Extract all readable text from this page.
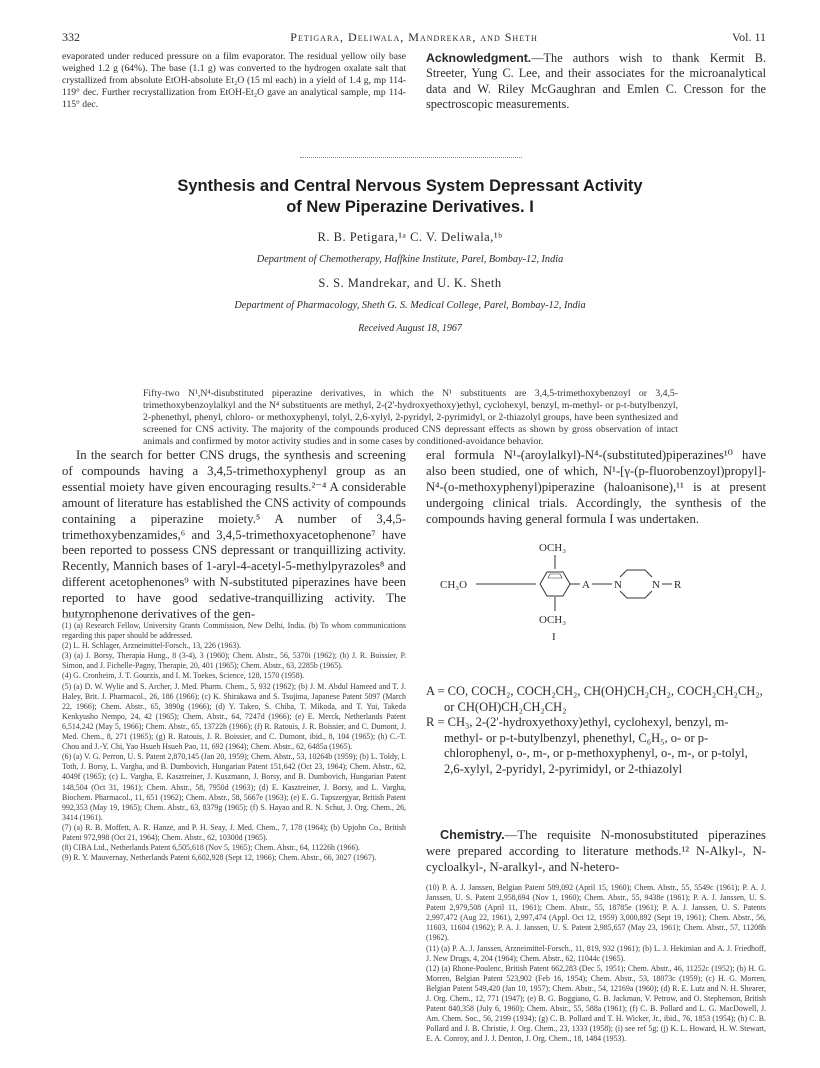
332	Petigara, Deliwala, Mandrekar, and Sheth	Vol. 11

evaporated under reduced pressure on a film evaporator. The residual yellow oily base weighed 1.2 g (64%). The base (1.1 g) was converted to the hydrogen oxalate salt that crystallized from absolute EtOH-absolute Et₂O (15 ml each) in a yield of 1.4 g, mp 114-119° dec. Further recrystallization from EtOH-Et₂O gave an analytical sample, mp 114-115° dec.

Acknowledgment.—The authors wish to thank Kermit B. Streeter, Yung C. Lee, and their associates for the microanalytical data and W. Riley McGaughran and Emlen C. Cresson for the spectroscopic measurements.

Synthesis and Central Nervous System Depressant Activity
of New Piperazine Derivatives. I
R. B. Petigara,¹ᵃ C. V. Deliwala,¹ᵇ
Department of Chemotherapy, Haffkine Institute, Parel, Bombay-12, India
S. S. Mandrekar, and U. K. Sheth
Department of Pharmacology, Sheth G. S. Medical College, Parel, Bombay-12, India
Received August 18, 1967

Fifty-two N¹,N⁴-disubstituted piperazine derivatives, in which the N¹ substituents are 3,4,5-trimethoxybenzoyl or 3,4,5-trimethoxybenzoylalkyl and the N⁴ substituents are methyl, 2-(2'-hydroxyethoxy)ethyl, cyclohexyl, benzyl, m-methyl- or p-t-butylbenzyl, 2-phenethyl, phenyl, chloro- or methoxyphenyl, tolyl, 2,6-xylyl, 2-pyridyl, 2-pyrimidyl, or 2-thiazolyl groups, have been synthesized and screened for CNS activity. The majority of the compounds produced CNS depressant effects as shown by gross observation of intact animals and confirmed by motor activity studies and in some cases by conditioned-avoidance behavior.

In the search for better CNS drugs, the synthesis and screening of compounds having a 3,4,5-trimethoxyphenyl group as an essential moiety have given encouraging results.²⁻⁴ A considerable amount of literature has established the CNS activity of compounds containing a piperazine moiety.⁵ A number of 3,4,5-trimethoxybenzamides,⁶ and 3,4,5-trimethoxyacetophenone⁷ have been reported to possess CNS depressant or tranquillizing activity. Recently, Mannich bases of 1-aryl-4-acetyl-5-methylpyrazoles⁸ and different acetophenones⁹ with N-substituted piperazines have been reported to have good sedative-tranquillizing activity. The butyrophenone derivatives of the gen-

(1) (a) Research Fellow, University Grants Commission, New Delhi, India. (b) To whom communications regarding this paper should be addressed.
(2) L. H. Schlager, Arzneimittel-Forsch., 13, 226 (1963).
(3) (a) J. Borsy, Therapia Hung., 8 (3-4), 3 (1960); Chem. Abstr., 56, 5370i (1962); (b) J. R. Boissier, P. Simon, and J. Fichelle-Pagny, Therapie, 20, 401 (1965); Chem. Abstr., 63, 2285b (1965).
(4) G. Cronheim, J. T. Gourzis, and I. M. Toekes, Science, 128, 1570 (1958).
(5) (a) D. W. Wylie and S. Archer, J. Med. Pharm. Chem., 5, 932 (1962); (b) J. M. Abdul Hameed and T. J. Haley, Brit. J. Pharmacol., 26, 186 (1966); (c) K. Shirakawa and S. Tsujima, Japanese Patent 5097 (March 22, 1966); Chem. Abstr., 65, 3890g (1966); (d) Y. Takeo, S. Chiba, T. Mikoda, and T. Yui, Takeda Kenkyusho Nempo, 24, 42 (1965); Chem. Abstr., 64, 7247d (1966); (e) E. Merck, Netherlands Patent 6,514,242 (May 5, 1966); Chem. Abstr., 65, 13722h (1966); (f) R. Ratouis, J. R. Boissier, and C. Dumont, J. Med. Chem., 8, 271 (1965); (g) R. Ratouis, J. R. Boissier, and C. Dumont, ibid., 8, 104 (1965); (h) C.-T. Chou and J.-Y. Chi, Yao Hsueh Hsueh Pao, 11, 692 (1964); Chem. Abstr., 62, 6485a (1965).
(6) (a) V. G. Perron, U. S. Patent 2,870,145 (Jan 20, 1959); Chem. Abstr., 53, 10264b (1959); (b) L. Toldy, I. Toth, J. Borsy, L. Vargha, and B. Dumbovich, Hungarian Patent 151,642 (Oct 23, 1964); Chem. Abstr., 62, 4049f (1965); (c) L. Vargha, E. Kasztreiner, J. Kuszmann, J. Borsy, and B. Dumbovich, Hungarian Patent 148,504 (Oct 31, 1961); Chem. Abstr., 58, 7950d (1963); (d) E. Kasztreiner, J. Borsy, and L. Vargha, Biochem. Pharmacol., 11, 651 (1962); Chem. Abstr., 58, 5667e (1963); (e) E. G. Tapszergyar, British Patent 992,353 (May 19, 1965); Chem. Abstr., 63, 8379g (1965); (f) S. Hayao and R. N. Schut, J. Org. Chem., 26, 3414 (1961).
(7) (a) R. B. Moffett, A. R. Hanze, and P. H. Seay, J. Med. Chem., 7, 178 (1964); (b) Upjohn Co., British Patent 972,998 (Oct 21, 1964); Chem. Abstr., 62, 10300d (1965).
(8) CIBA Ltd., Netherlands Patent 6,505,618 (Nov 5, 1965); Chem. Abstr., 64, 11226h (1966).
(9) R. Y. Mauvernay, Netherlands Patent 6,602,928 (Sept 12, 1966); Chem. Abstr., 66, 3027 (1967).

eral formula N¹-(aroylalkyl)-N⁴-(substituted)piperazines¹⁰ have also been studied, one of which, N¹-[γ-(p-fluorobenzoyl)propyl]-N⁴-(o-methoxyphenyl)piperazine (haloanisone),¹¹ is at present undergoing clinical trials. Accordingly, the synthesis of the compounds having general formula I was undertaken.

OCH₃
CH₃O	A N	N R
OCH₃
I

A = CO, COCH₂, COCH₂CH₂, CH(OH)CH₂CH₂, COCH₂CH₂CH₂, or CH(OH)CH₂CH₂CH₂

R = CH₃, 2-(2'-hydroxyethoxy)ethyl, cyclohexyl, benzyl, m-methyl- or p-t-butylbenzyl, phenethyl, C₆H₅, o- or p-chlorophenyl, o-, m-, or p-methoxyphenyl, o-, m-, or p-tolyl, 2,6-xylyl, 2-pyridyl, 2-pyrimidyl, or 2-thiazolyl

Chemistry.—The requisite N-monosubstituted piperazines were prepared according to literature methods.¹² N-Alkyl-, N-cycloalkyl-, N-aralkyl-, and N-hetero-

(10) P. A. J. Janssen, Belgian Patent 589,092 (April 15, 1960); Chem. Abstr., 55, 5549c (1961); P. A. J. Janssen, U. S. Patent 2,958,694 (Nov 1, 1960); Chem. Abstr., 55, 9438e (1961); P. A. J. Janssen, U. S. Patent 2,979,508 (April 11, 1961); Chem. Abstr., 55, 18785e (1961); P. A. J. Janssen, U. S. Patents 2,997,472 (Aug 22, 1961), 2,997,474 (Appl. Oct 12, 1959) 3,000,892 (Sept 19, 1961); Chem. Abstr., 56, 11603, 11604 (1962); P. A. J. Janssen, U. S. Patent 2,985,657 (May 23, 1961); Chem. Abstr., 57, 11208h (1962).
(11) (a) P. A. J. Janssen, Arzneimittel-Forsch., 11, 819, 932 (1961); (b) L. J. Hekimian and A. J. Friedhoff, J. New Drugs, 4, 204 (1964); Chem. Abstr., 62, 11044c (1965).
(12) (a) Rhone-Poulenc, British Patent 662,283 (Dec 5, 1951); Chem. Abstr., 46, 11252c (1952); (b) H. G. Morren, Belgian Patent 523,902 (Feb 16, 1954); Chem. Abstr., 53, 18073c (1959); (c) H. G. Morren, Belgian Patent 549,420 (Jan 10, 1957); Chem. Abstr., 54, 12169a (1960); (d) R. E. Lutz and N. H. Shearer, J. Org. Chem., 12, 771 (1947); (e) B. G. Boggiano, G. B. Jackman, V. Petrow, and O. Stephenson, British Patent 840,358 (July 6, 1960); Chem. Abstr., 55, 588a (1961); (f) C. B. Pollard and L. G. MacDowell, J. Am. Chem. Soc., 56, 2199 (1934); (g) C. B. Pollard and T. H. Wicker, Jr., ibid., 76, 1853 (1954); (h) C. B. Pollard and J. B. Christie, J. Org. Chem., 23, 1333 (1958); (i) see ref 5g; (j) K. L. Howard, H. W. Stewart, E. A. Conroy, and J. J. Denton, J. Org. Chem., 18, 1484 (1953).
